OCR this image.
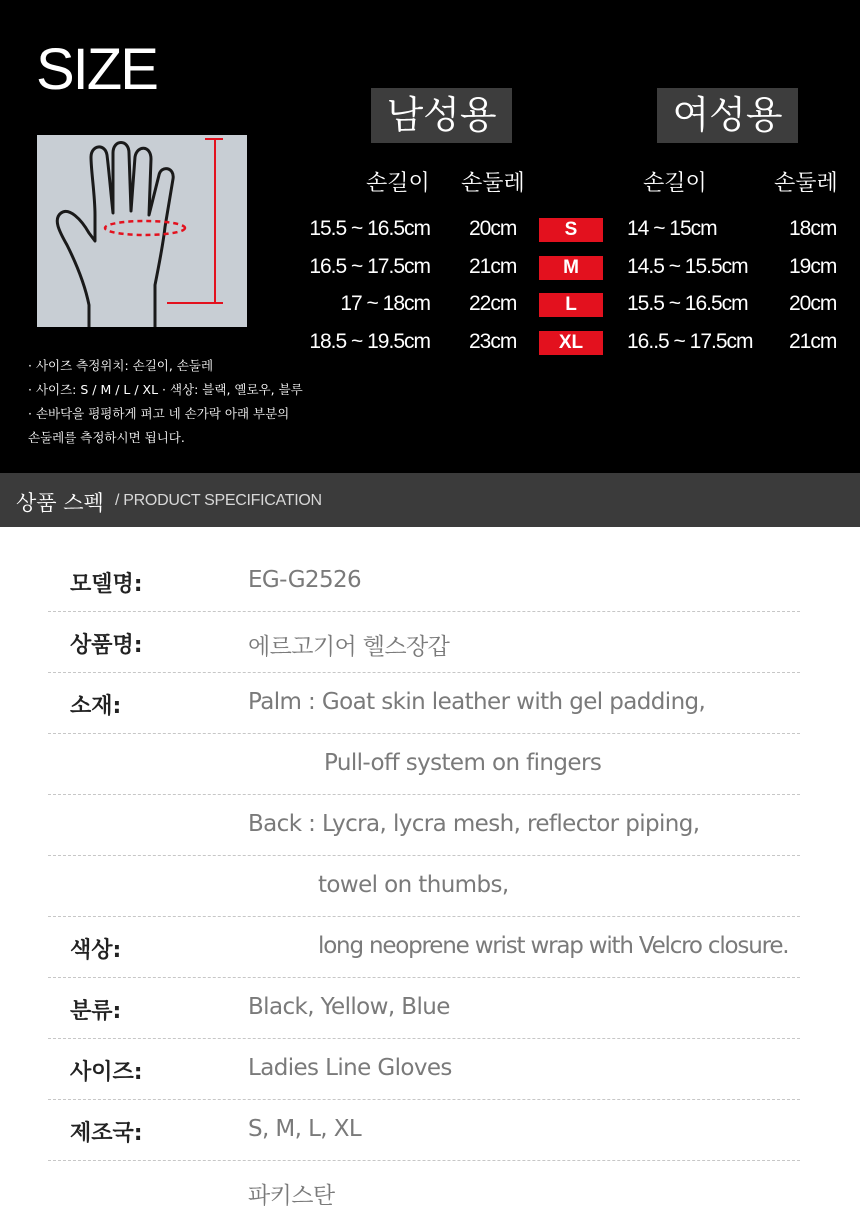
SIZE
남성용	여성용
손길이 손둘레	손길이	손둘레
15.5 ~ 16.5cm 20cm	S	14 ~ 15cm	18cm
16.5 ~ 17.5cm 21cm	M	14.5 ~ 15.5cm 19cm
17 ~ 18cm 22cm	L	15.5 ~ 16.5cm 20cm
18.5 ~ 19.5cm 23cm	XL	16..5 ~ 17.5cm 21cm
· 사이즈 측정위치: 손길이, 손둘레
· 사이즈: S / M / L / XL · 색상: 블랙, 옐로우, 블루
· 손바닥을 평평하게 펴고 네 손가락 아래 부분의
손둘레를 측정하시면 됩니다.
상품 스펙 / PRODUCT SPECIFICATION
모델명:	EG-G2526
상품명:	에르고기어 헬스장갑
소재:	Palm : Goat skin leather with gel padding,
Pull-off system on fingers
Back : Lycra, lycra mesh, reflector piping,
towel on thumbs,
색상:	long neoprene wrist wrap with Velcro closure.
분류:	Black, Yellow, Blue
사이즈:	Ladies Line Gloves
제조국:	S, M, L, XL
파키스탄
